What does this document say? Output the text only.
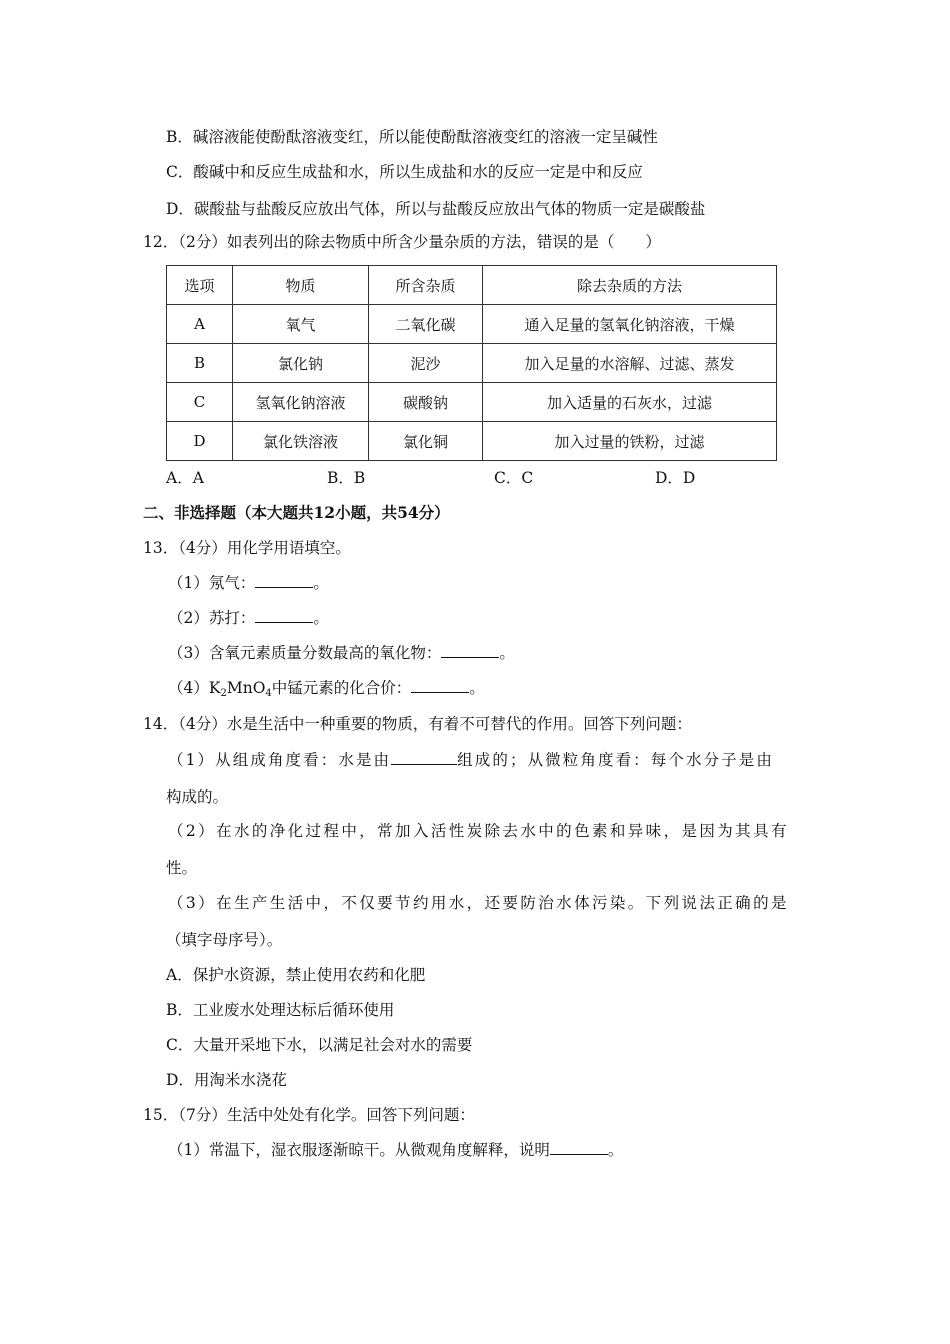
B．碱溶液能使酚酞溶液变红，所以能使酚酞溶液变红的溶液一定呈碱性
C．酸碱中和反应生成盐和水，所以生成盐和水的反应一定是中和反应
D．碳酸盐与盐酸反应放出气体，所以与盐酸反应放出气体的物质一定是碳酸盐
12．（2分）如表列出的除去物质中所含少量杂质的方法，错误的是（　　）
选项	物质	所含杂质	除去杂质的方法
A	氧气	二氧化碳	通入足量的氢氧化钠溶液，干燥
B	氯化钠	泥沙	加入足量的水溶解、过滤、蒸发
C	氢氧化钠溶液	碳酸钠	加入适量的石灰水，过滤
D	氯化铁溶液	氯化铜	加入过量的铁粉，过滤
A．A	B．B	C．C	D．D
二、非选择题（本大题共12小题，共54分）
13．（4分）用化学用语填空。
（1）氖气：	。
（2）苏打：	。
（3）含氧元素质量分数最高的氧化物：	。
$(4)K_2MnO_4$中锰元素的化合价：	。
14．（4分）水是生活中一种重要的物质，有着不可替代的作用。回答下列问题：
（1）从组成角度看：水是由	组成的；从微粒角度看：每个水分子是由
构成的。
（2）在水的净化过程中，常加入活性炭除去水中的色素和异味，是因为其具有
性。
（3）在生产生活中，不仅要节约用水，还要防治水体污染。下列说法正确的是
（填字母序号）。
A．保护水资源，禁止使用农药和化肥
B．工业废水处理达标后循环使用
C．大量开采地下水，以满足社会对水的需要
D．用淘米水浇花
15．（7分）生活中处处有化学。回答下列问题：
（1）常温下，湿衣服逐渐晾干。从微观角度解释，说明	。
